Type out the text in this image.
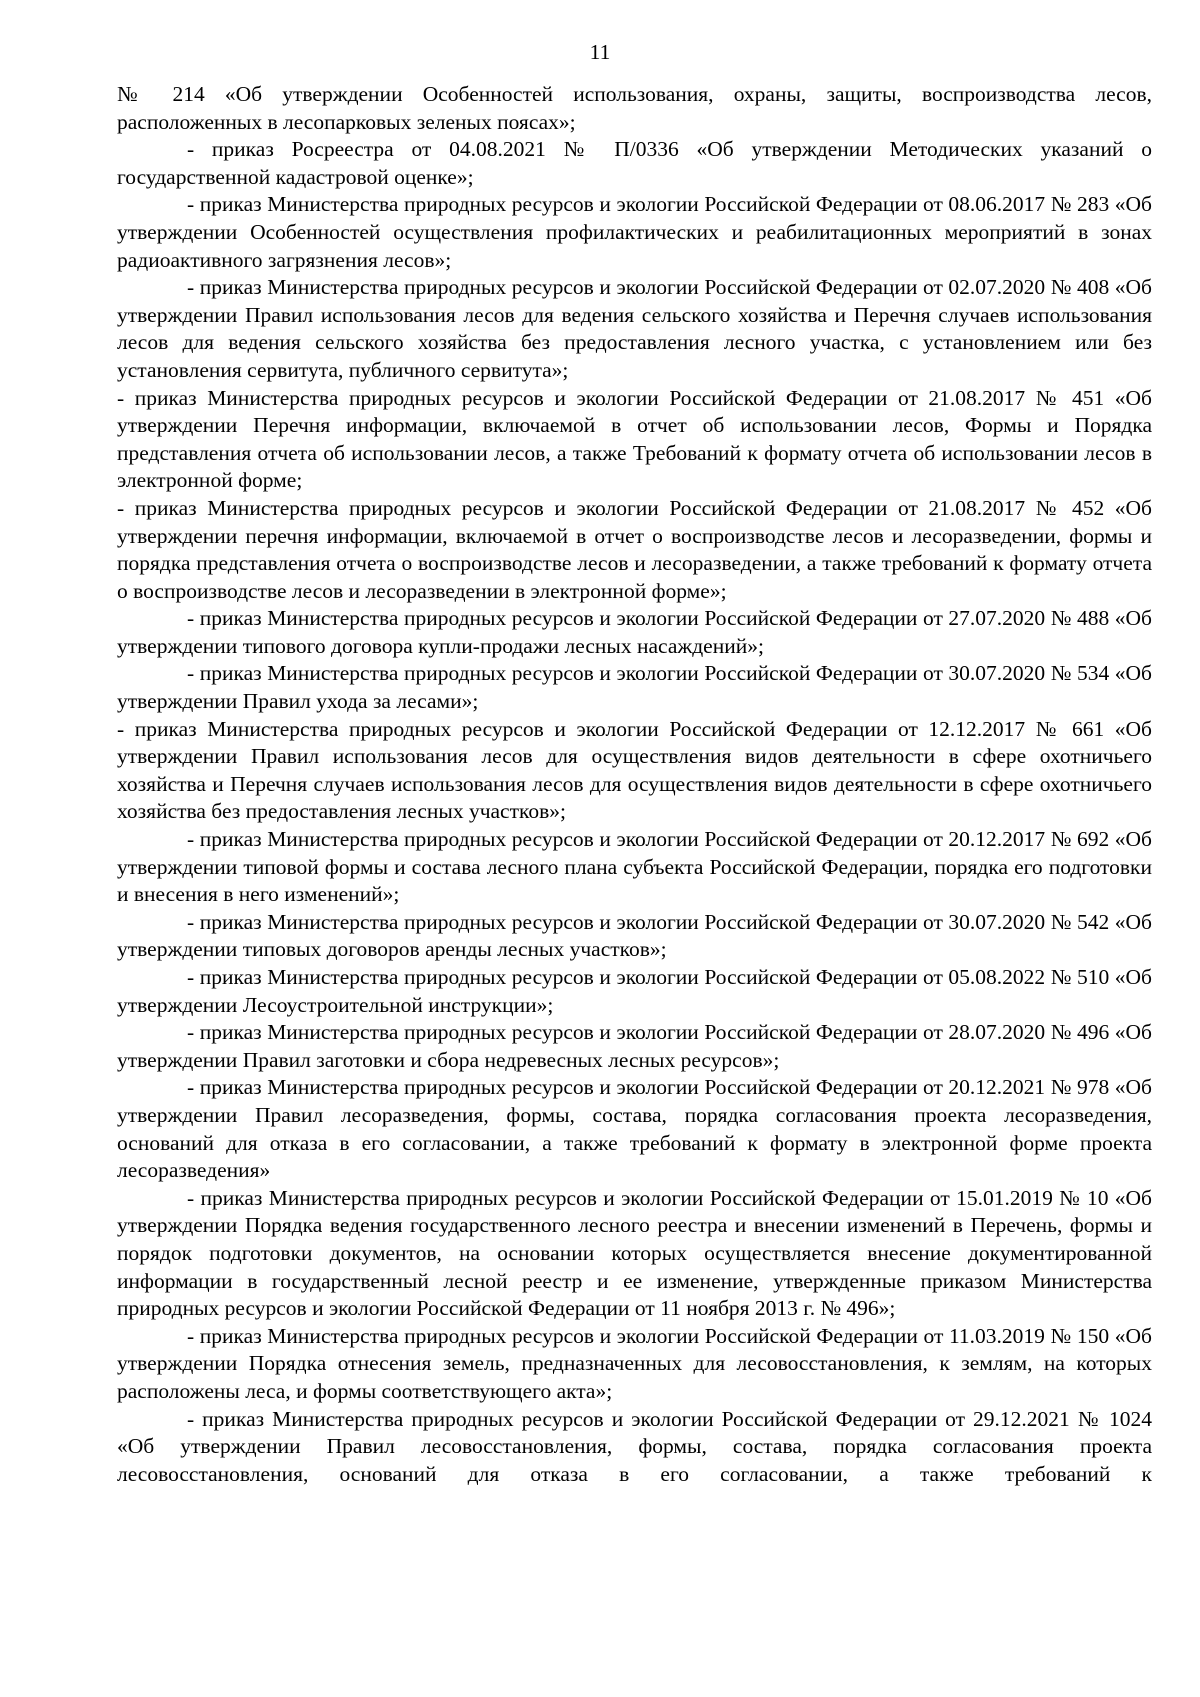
11

№ 214 «Об утверждении Особенностей использования, охраны, защиты, воспроизводства лесов, расположенных в лесопарковых зеленых поясах»;

- приказ Росреестра от 04.08.2021 № П/0336 «Об утверждении Методических указаний о государственной кадастровой оценке»;

- приказ Министерства природных ресурсов и экологии Российской Федерации от 08.06.2017 № 283 «Об утверждении Особенностей осуществления профилактических и реабилитационных мероприятий в зонах радиоактивного загрязнения лесов»;

- приказ Министерства природных ресурсов и экологии Российской Федерации от 02.07.2020 № 408 «Об утверждении Правил использования лесов для ведения сельского хозяйства и Перечня случаев использования лесов для ведения сельского хозяйства без предоставления лесного участка, с установлением или без установления сервитута, публичного сервитута»;

- приказ Министерства природных ресурсов и экологии Российской Федерации от 21.08.2017 № 451 «Об утверждении Перечня информации, включаемой в отчет об использовании лесов, Формы и Порядка представления отчета об использовании лесов, а также Требований к формату отчета об использовании лесов в электронной форме;

- приказ Министерства природных ресурсов и экологии Российской Федерации от 21.08.2017 № 452 «Об утверждении перечня информации, включаемой в отчет о воспроизводстве лесов и лесоразведении, формы и порядка представления отчета о воспроизводстве лесов и лесоразведении, а также требований к формату отчета о воспроизводстве лесов и лесоразведении в электронной форме»;

- приказ Министерства природных ресурсов и экологии Российской Федерации от 27.07.2020 № 488 «Об утверждении типового договора купли-продажи лесных насаждений»;

- приказ Министерства природных ресурсов и экологии Российской Федерации от 30.07.2020 № 534 «Об утверждении Правил ухода за лесами»;

- приказ Министерства природных ресурсов и экологии Российской Федерации от 12.12.2017 № 661 «Об утверждении Правил использования лесов для осуществления видов деятельности в сфере охотничьего хозяйства и Перечня случаев использования лесов для осуществления видов деятельности в сфере охотничьего хозяйства без предоставления лесных участков»;

- приказ Министерства природных ресурсов и экологии Российской Федерации от 20.12.2017 № 692 «Об утверждении типовой формы и состава лесного плана субъекта Российской Федерации, порядка его подготовки и внесения в него изменений»;

- приказ Министерства природных ресурсов и экологии Российской Федерации от 30.07.2020 № 542 «Об утверждении типовых договоров аренды лесных участков»;

- приказ Министерства природных ресурсов и экологии Российской Федерации от 05.08.2022 № 510 «Об утверждении Лесоустроительной инструкции»;

- приказ Министерства природных ресурсов и экологии Российской Федерации от 28.07.2020 № 496 «Об утверждении Правил заготовки и сбора недревесных лесных ресурсов»;

- приказ Министерства природных ресурсов и экологии Российской Федерации от 20.12.2021 № 978 «Об утверждении Правил лесоразведения, формы, состава, порядка согласования проекта лесоразведения, оснований для отказа в его согласовании, а также требований к формату в электронной форме проекта лесоразведения»

- приказ Министерства природных ресурсов и экологии Российской Федерации от 15.01.2019 № 10 «Об утверждении Порядка ведения государственного лесного реестра и внесении изменений в Перечень, формы и порядок подготовки документов, на основании которых осуществляется внесение документированной информации в государственный лесной реестр и ее изменение, утвержденные приказом Министерства природных ресурсов и экологии Российской Федерации от 11 ноября 2013 г. № 496»;

- приказ Министерства природных ресурсов и экологии Российской Федерации от 11.03.2019 № 150 «Об утверждении Порядка отнесения земель, предназначенных для лесовосстановления, к землям, на которых расположены леса, и формы соответствующего акта»;

- приказ Министерства природных ресурсов и экологии Российской Федерации от 29.12.2021 № 1024 «Об утверждении Правил лесовосстановления, формы, состава, порядка согласования проекта лесовосстановления, оснований для отказа в его согласовании, а также требований к
